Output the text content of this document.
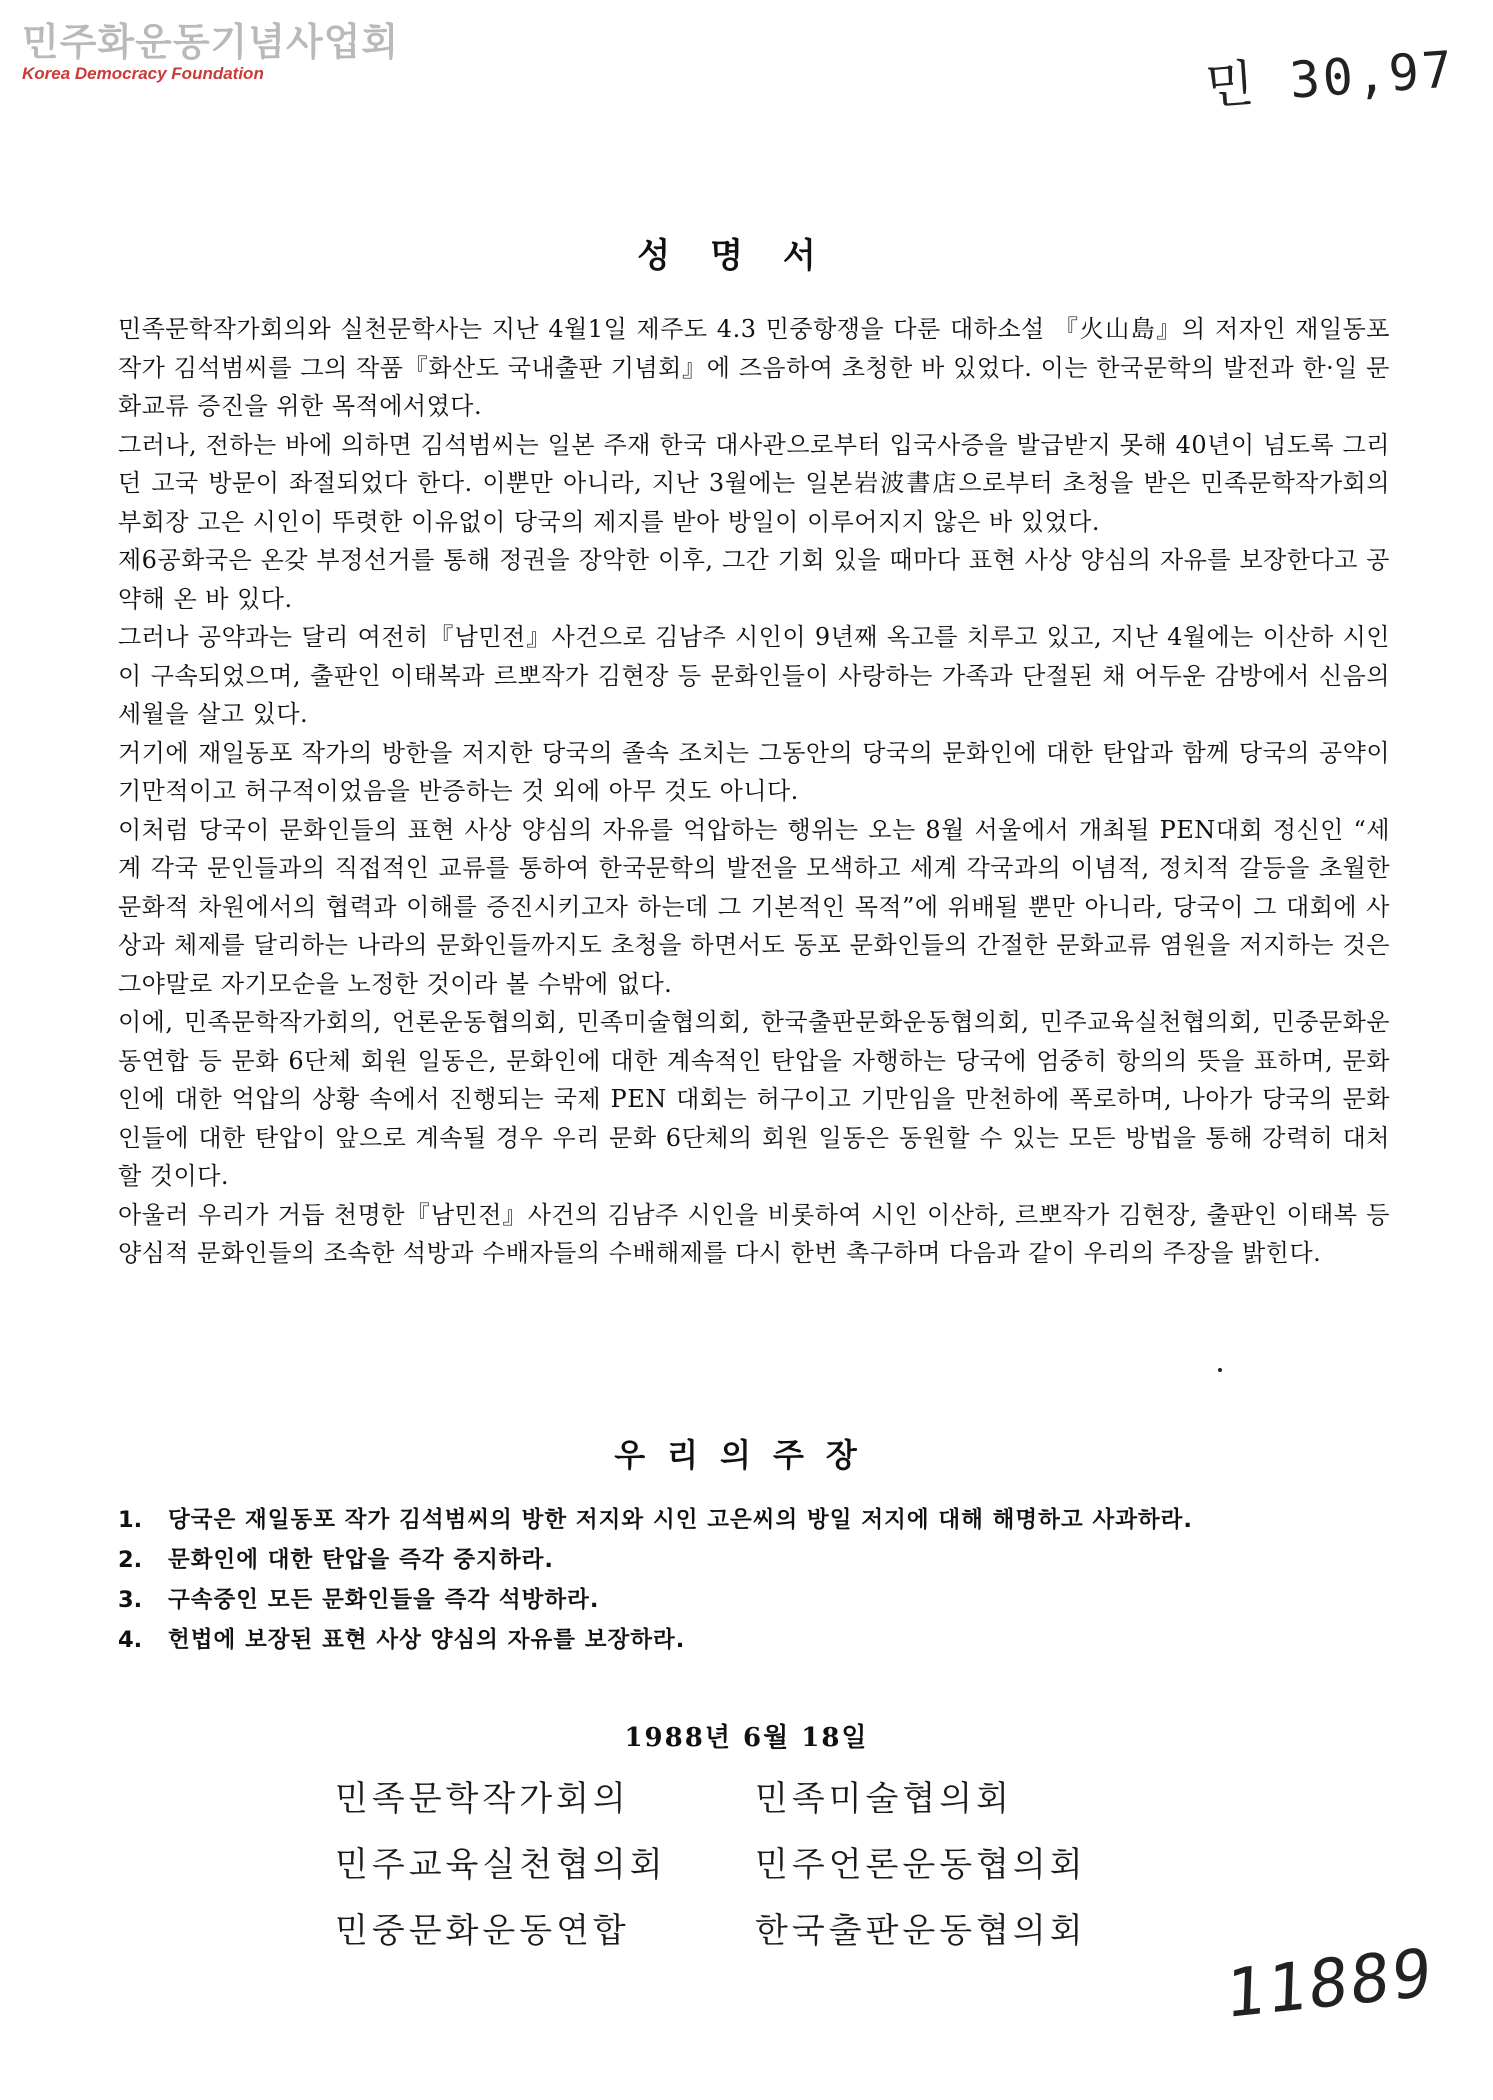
민주화운동기념사업회
Korea Democracy Foundation	민 30,97
성명서

민족문학작가회의와 실천문학사는 지난 4월1일 제주도 4.3 민중항쟁을 다룬 대하소설 『火山島』의 저자인 재일동포 작가 김석범씨를 그의 작품『화산도 국내출판 기념회』에 즈음하여 초청한 바 있었다. 이는 한국문학의 발전과 한·일 문화교류 증진을 위한 목적에서였다.

그러나, 전하는 바에 의하면 김석범씨는 일본 주재 한국 대사관으로부터 입국사증을 발급받지 못해 40년이 넘도록 그리던 고국 방문이 좌절되었다 한다. 이뿐만 아니라, 지난 3월에는 일본岩波書店으로부터 초청을 받은 민족문학작가회의 부회장 고은 시인이 뚜렷한 이유없이 당국의 제지를 받아 방일이 이루어지지 않은 바 있었다.

제6공화국은 온갖 부정선거를 통해 정권을 장악한 이후, 그간 기회 있을 때마다 표현 사상 양심의 자유를 보장한다고 공약해 온 바 있다.

그러나 공약과는 달리 여전히『남민전』사건으로 김남주 시인이 9년째 옥고를 치루고 있고, 지난 4월에는 이산하 시인이 구속되었으며, 출판인 이태복과 르뽀작가 김현장 등 문화인들이 사랑하는 가족과 단절된 채 어두운 감방에서 신음의 세월을 살고 있다.

거기에 재일동포 작가의 방한을 저지한 당국의 졸속 조치는 그동안의 당국의 문화인에 대한 탄압과 함께 당국의 공약이 기만적이고 허구적이었음을 반증하는 것 외에 아무 것도 아니다.

이처럼 당국이 문화인들의 표현 사상 양심의 자유를 억압하는 행위는 오는 8월 서울에서 개최될 PEN대회 정신인 “세계 각국 문인들과의 직접적인 교류를 통하여 한국문학의 발전을 모색하고 세계 각국과의 이념적, 정치적 갈등을 초월한 문화적 차원에서의 협력과 이해를 증진시키고자 하는데 그 기본적인 목적”에 위배될 뿐만 아니라, 당국이 그 대회에 사상과 체제를 달리하는 나라의 문화인들까지도 초청을 하면서도 동포 문화인들의 간절한 문화교류 염원을 저지하는 것은 그야말로 자기모순을 노정한 것이라 볼 수밖에 없다.

이에, 민족문학작가회의, 언론운동협의회, 민족미술협의회, 한국출판문화운동협의회, 민주교육실천협의회, 민중문화운동연합 등 문화 6단체 회원 일동은, 문화인에 대한 계속적인 탄압을 자행하는 당국에 엄중히 항의의 뜻을 표하며, 문화인에 대한 억압의 상황 속에서 진행되는 국제 PEN 대회는 허구이고 기만임을 만천하에 폭로하며, 나아가 당국의 문화인들에 대한 탄압이 앞으로 계속될 경우 우리 문화 6단체의 회원 일동은 동원할 수 있는 모든 방법을 통해 강력히 대처할 것이다.

아울러 우리가 거듭 천명한『남민전』사건의 김남주 시인을 비롯하여 시인 이산하, 르뽀작가 김현장, 출판인 이태복 등 양심적 문화인들의 조속한 석방과 수배자들의 수배해제를 다시 한번 촉구하며 다음과 같이 우리의 주장을 밝힌다.

우리의주장
1.	당국은 재일동포 작가 김석범씨의 방한 저지와 시인 고은씨의 방일 저지에 대해 해명하고 사과하라.
2.	문화인에 대한 탄압을 즉각 중지하라.
3.	구속중인 모든 문화인들을 즉각 석방하라.
4.	헌법에 보장된 표현 사상 양심의 자유를 보장하라.
1988년 6월 18일
민족문학작가회의	민족미술협의회
민주교육실천협의회	민주언론운동협의회
민중문화운동연합	한국출판운동협의회
11889
